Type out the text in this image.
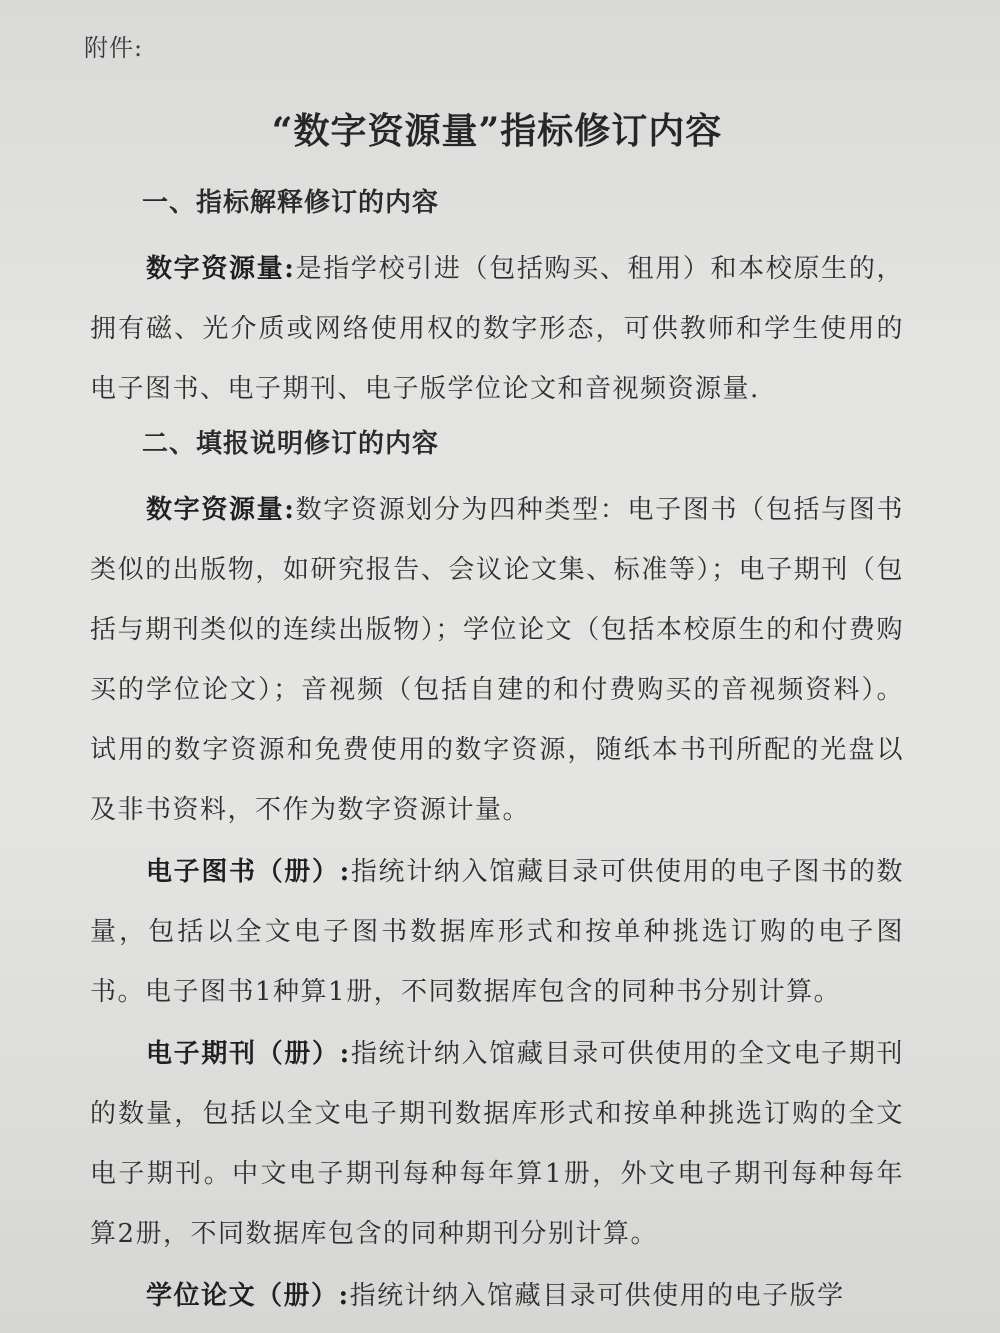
附件:
“数字资源量”指标修订内容
一、指标解释修订的内容

数字资源量:是指学校引进（包括购买、租用）和本校原生的，拥有磁、光介质或网络使用权的数字形态，可供教师和学生使用的电子图书、电子期刊、电子版学位论文和音视频资源量.

二、填报说明修订的内容

数字资源量:数字资源划分为四种类型：电子图书（包括与图书类似的出版物，如研究报告、会议论文集、标准等）；电子期刊（包括与期刊类似的连续出版物）；学位论文（包括本校原生的和付费购买的学位论文）；音视频（包括自建的和付费购买的音视频资料）。试用的数字资源和免费使用的数字资源，随纸本书刊所配的光盘以及非书资料，不作为数字资源计量。

电子图书（册）:指统计纳入馆藏目录可供使用的电子图书的数量，包括以全文电子图书数据库形式和按单种挑选订购的电子图书。电子图书1种算1册，不同数据库包含的同种书分别计算。

电子期刊（册）:指统计纳入馆藏目录可供使用的全文电子期刊的数量，包括以全文电子期刊数据库形式和按单种挑选订购的全文电子期刊。中文电子期刊每种每年算1册，外文电子期刊每种每年算2册，不同数据库包含的同种期刊分别计算。

学位论文（册）:指统计纳入馆藏目录可供使用的电子版学
